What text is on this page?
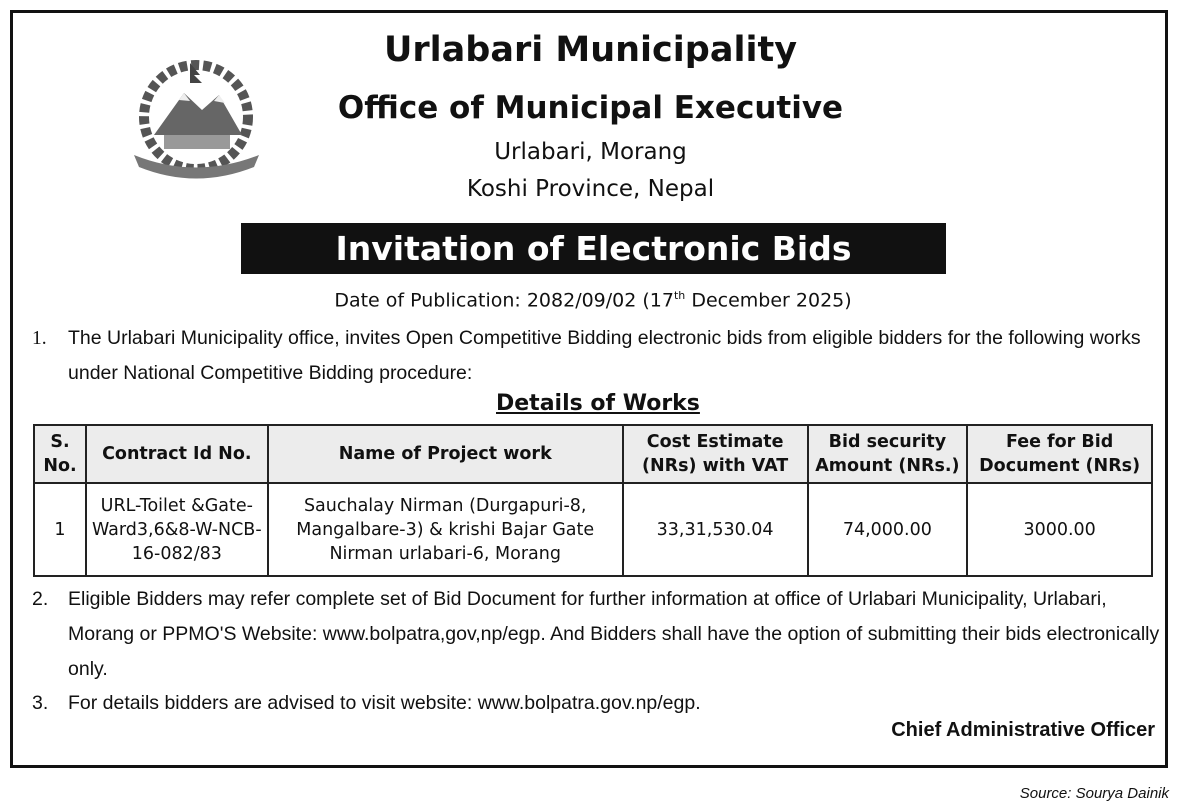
Urlabari Municipality
Office of Municipal Executive
Urlabari, Morang
Koshi Province, Nepal
Invitation of Electronic Bids
Date of Publication: 2082/09/02 (17th December 2025)
1. The Urlabari Municipality office, invites Open Competitive Bidding electronic bids from eligible bidders for the following works under National Competitive Bidding procedure:
Details of Works
S. No.	Contract Id No.	Name of Project work	Cost Estimate (NRs) with VAT	Bid security Amount (NRs.)	Fee for Bid Document (NRs)
1	URL-Toilet &Gate-Ward3,6&8-W-NCB-16-082/83	Sauchalay Nirman (Durgapuri-8, Mangalbare-3) & krishi Bajar Gate Nirman urlabari-6, Morang	33,31,530.04	74,000.00	3000.00
2. Eligible Bidders may refer complete set of Bid Document for further information at office of Urlabari Municipality, Urlabari, Morang or PPMO'S Website: www.bolpatra,gov,np/egp. And Bidders shall have the option of submitting their bids electronically only.
3. For details bidders are advised to visit website: www.bolpatra.gov.np/egp.
Chief Administrative Officer
Source: Sourya Dainik
